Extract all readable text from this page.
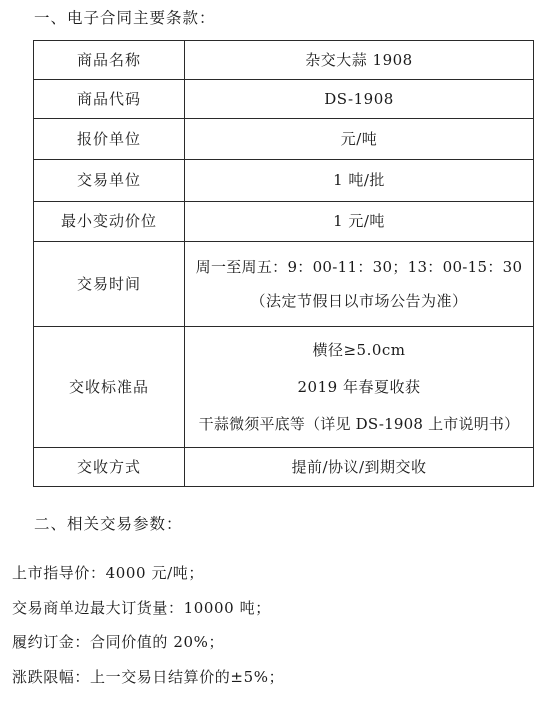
一、电子合同主要条款：
商品名称	杂交大蒜 1908
商品代码	DS-1908
报价单位	元/吨
交易单位	1 吨/批
最小变动价位	1 元/吨
交易时间	周一至周五：9：00-11：30；13：00-15：30
（法定节假日以市场公告为准）

交收标准品	横径≥5.0cm
2019 年春夏收获
干蒜微须平底等（详见 DS-1908 上市说明书）

交收方式	提前/协议/到期交收
二、相关交易参数：
上市指导价：4000 元/吨；
交易商单边最大订货量：10000 吨；
履约订金：合同价值的 20%；
涨跌限幅：上一交易日结算价的±5%；
